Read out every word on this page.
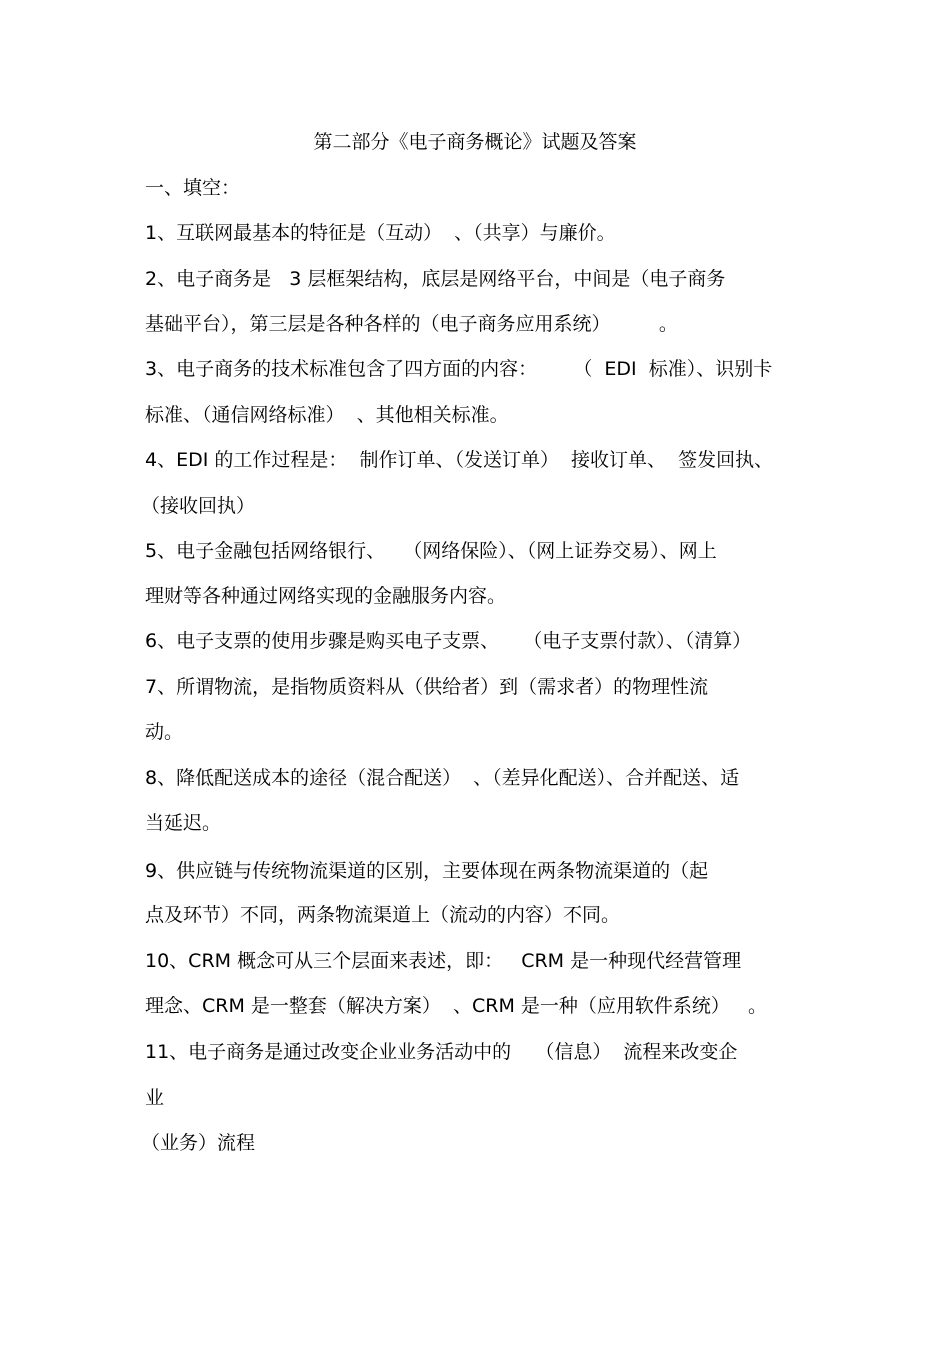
第二部分《电子商务概论》试题及答案
一、填空：
1、互联网最基本的特征是（互动）  、（共享）与廉价。
2、电子商务是   3 层框架结构，底层是网络平台，中间是（电子商务
基础平台），第三层是各种各样的（电子商务应用系统）        。
3、电子商务的技术标准包含了四方面的内容：      （  EDI  标准）、识别卡
标准、（通信网络标准）  、其他相关标准。
4、EDI 的工作过程是：  制作订单、（发送订单）  接收订单、  签发回执、
（接收回执）
5、电子金融包括网络银行、   （网络保险）、（网上证券交易）、网上
理财等各种通过网络实现的金融服务内容。
6、电子支票的使用步骤是购买电子支票、    （电子支票付款）、（清算）
7、所谓物流，是指物质资料从（供给者）到（需求者）的物理性流
动。
8、降低配送成本的途径（混合配送）  、（差异化配送）、合并配送、适
当延迟。
9、供应链与传统物流渠道的区别，主要体现在两条物流渠道的（起
点及环节）不同，两条物流渠道上（流动的内容）不同。
10、CRM 概念可从三个层面来表述，即：   CRM 是一种现代经营管理
理念、CRM 是一整套（解决方案）  、CRM 是一种（应用软件系统）   。
11、电子商务是通过改变企业业务活动中的    （信息）  流程来改变企
业
（业务）流程
